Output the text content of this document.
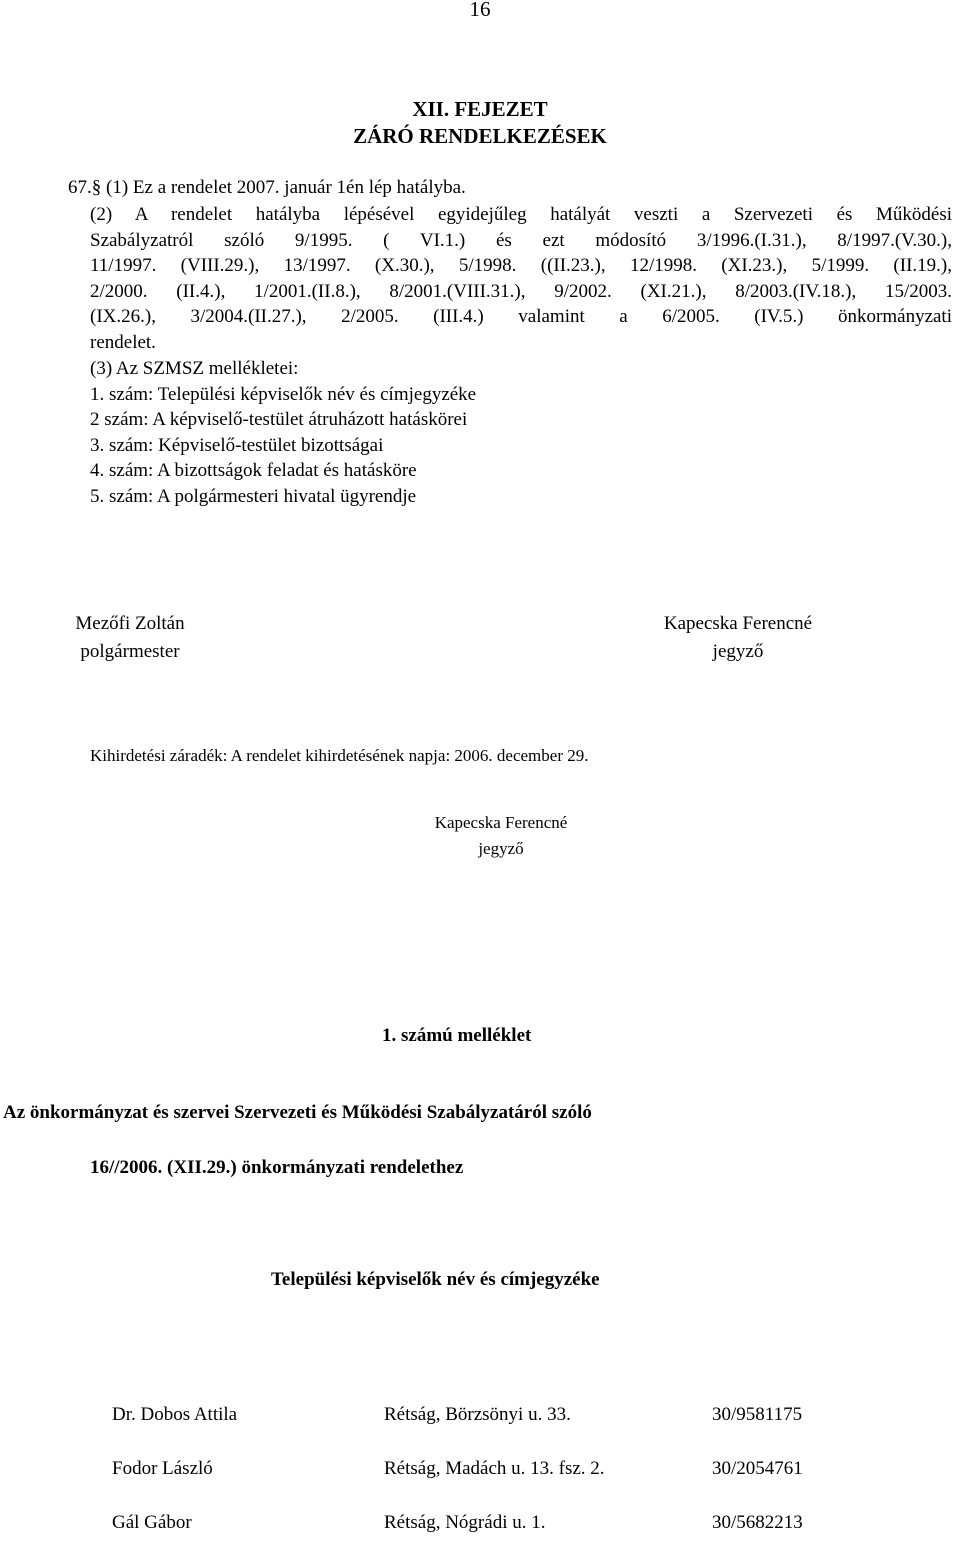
16
XII. FEJEZET
ZÁRÓ RENDELKEZÉSEK
67.§ (1) Ez a rendelet 2007. január 1én lép hatályba.
(2) A rendelet hatályba lépésével egyidejűleg hatályát veszti a Szervezeti és Működési
Szabályzatról szóló 9/1995. ( VI.1.) és ezt módosító 3/1996.(I.31.), 8/1997.(V.30.),
11/1997. (VIII.29.), 13/1997. (X.30.), 5/1998. ((II.23.), 12/1998. (XI.23.), 5/1999. (II.19.),
2/2000. (II.4.), 1/2001.(II.8.), 8/2001.(VIII.31.), 9/2002. (XI.21.), 8/2003.(IV.18.), 15/2003.
(IX.26.), 3/2004.(II.27.), 2/2005. (III.4.) valamint a 6/2005. (IV.5.) önkormányzati
rendelet.
(3) Az SZMSZ mellékletei:
1. szám: Települési képviselők név és címjegyzéke
2 szám: A képviselő-testület átruházott hatáskörei
3. szám: Képviselő-testület bizottságai
4. szám: A bizottságok feladat és hatásköre
5. szám: A polgármesteri hivatal ügyrendje
Mezőfi Zoltán
polgármester
Kapecska Ferencné
jegyző
Kihirdetési záradék: A rendelet kihirdetésének napja: 2006. december 29.
Kapecska Ferencné
jegyző
1. számú melléklet
Az önkormányzat és szervei Szervezeti és Működési Szabályzatáról szóló
16//2006. (XII.29.) önkormányzati rendelethez
Települési képviselők név és címjegyzéke
Dr. Dobos Attila	Rétság, Börzsönyi u. 33.	30/9581175
Fodor László	Rétság, Madách u. 13. fsz. 2.	30/2054761
Gál Gábor	Rétság, Nógrádi u. 1.	30/5682213
